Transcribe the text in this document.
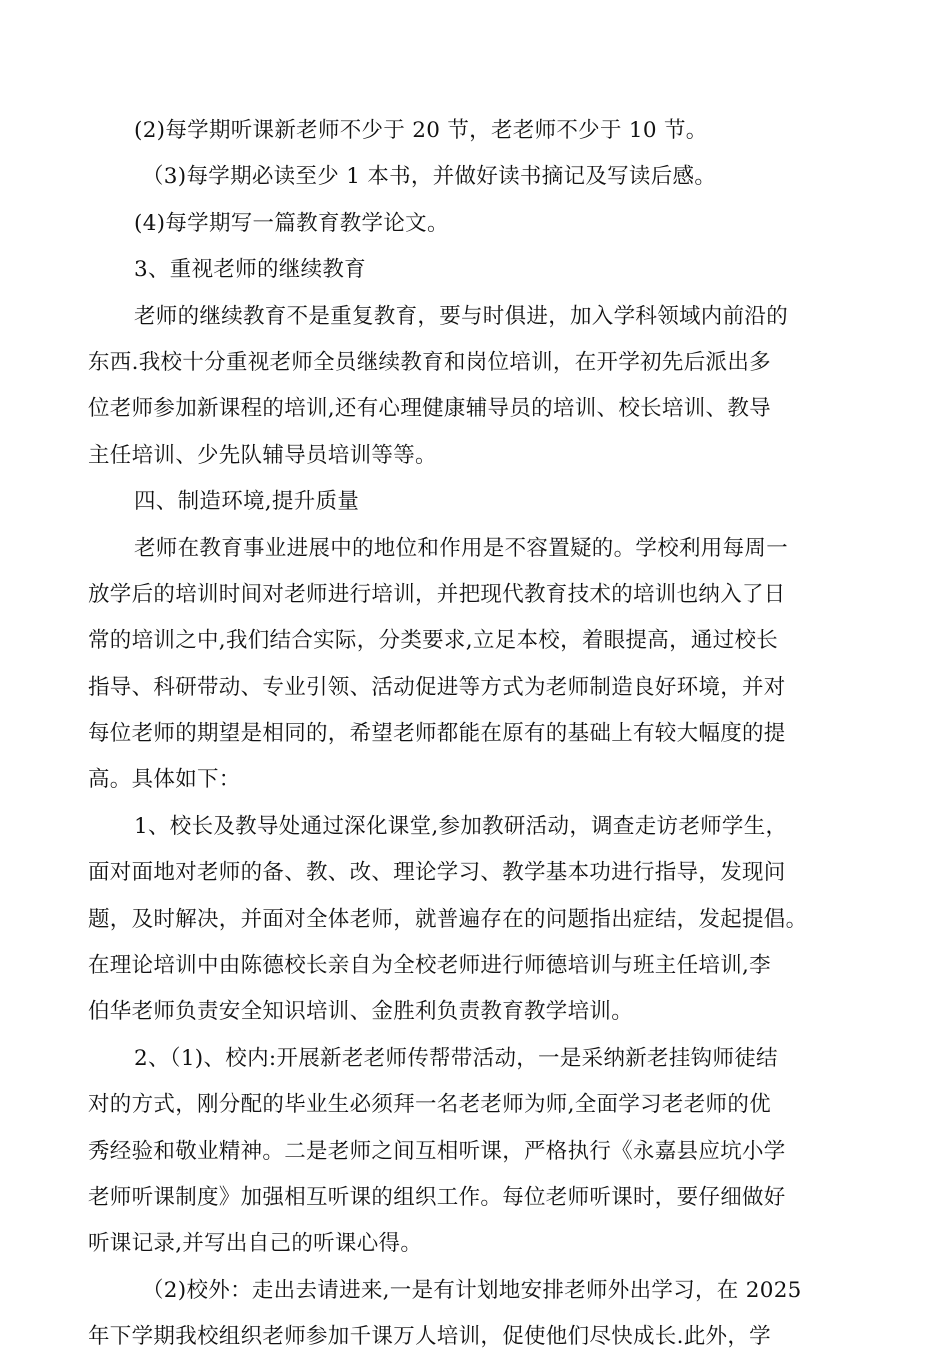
(2)每学期听课新老师不少于 20 节，老老师不少于 10 节。
（3)每学期必读至少 1 本书，并做好读书摘记及写读后感。
(4)每学期写一篇教育教学论文。
3、重视老师的继续教育
老师的继续教育不是重复教育，要与时俱进，加入学科领域内前沿的
东西.我校十分重视老师全员继续教育和岗位培训，在开学初先后派出多
位老师参加新课程的培训,还有心理健康辅导员的培训、校长培训、教导
主任培训、少先队辅导员培训等等。
四、制造环境,提升质量
老师在教育事业进展中的地位和作用是不容置疑的。学校利用每周一
放学后的培训时间对老师进行培训，并把现代教育技术的培训也纳入了日
常的培训之中,我们结合实际，分类要求,立足本校，着眼提高，通过校长
指导、科研带动、专业引领、活动促进等方式为老师制造良好环境，并对
每位老师的期望是相同的，希望老师都能在原有的基础上有较大幅度的提
高。具体如下：
1、校长及教导处通过深化课堂,参加教研活动，调查走访老师学生，
面对面地对老师的备、教、改、理论学习、教学基本功进行指导，发现问
题，及时解决，并面对全体老师，就普遍存在的问题指出症结，发起提倡。
在理论培训中由陈德校长亲自为全校老师进行师德培训与班主任培训,李
伯华老师负责安全知识培训、金胜利负责教育教学培训。
2、（1)、校内:开展新老老师传帮带活动，一是采纳新老挂钩师徒结
对的方式，刚分配的毕业生必须拜一名老老师为师,全面学习老老师的优
秀经验和敬业精神。二是老师之间互相听课，严格执行《永嘉县应坑小学
老师听课制度》加强相互听课的组织工作。每位老师听课时，要仔细做好
听课记录,并写出自己的听课心得。
（2)校外：走出去请进来,一是有计划地安排老师外出学习，在 2025
年下学期我校组织老师参加千课万人培训，促使他们尽快成长.此外，学
